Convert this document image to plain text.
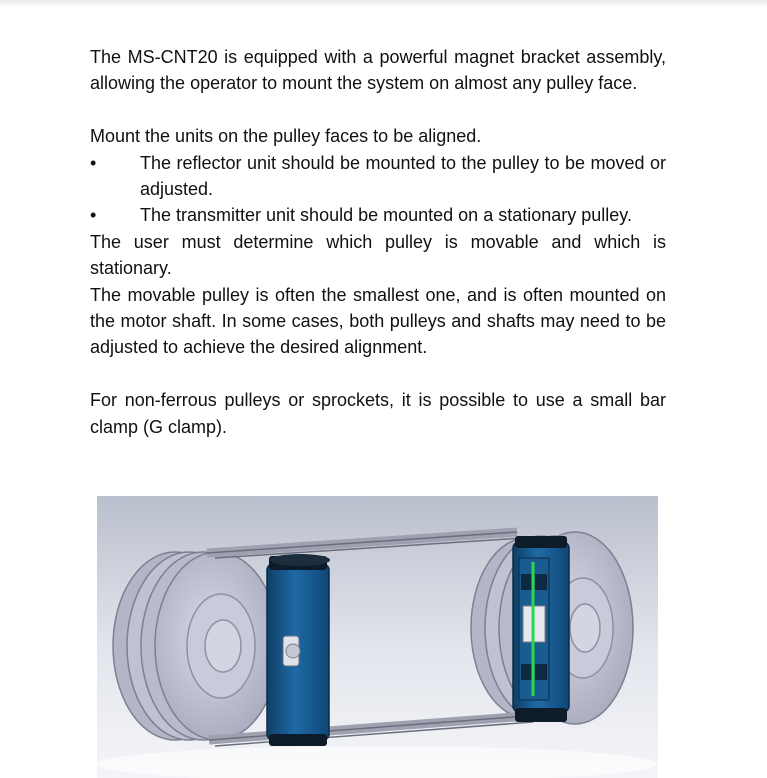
The MS-CNT20 is equipped with a powerful magnet bracket assembly, allowing the operator to mount the system on almost any pulley face.

Mount the units on the pulley faces to be aligned.

•	The reflector unit should be mounted to the pulley to be moved or adjusted.
•	The transmitter unit should be mounted on a stationary pulley.

The user must determine which pulley is movable and which is stationary.

The movable pulley is often the smallest one, and is often mounted on the motor shaft. In some cases, both pulleys and shafts may need to be adjusted to achieve the desired alignment.

For non-ferrous pulleys or sprockets, it is possible to use a small bar clamp (G clamp).
